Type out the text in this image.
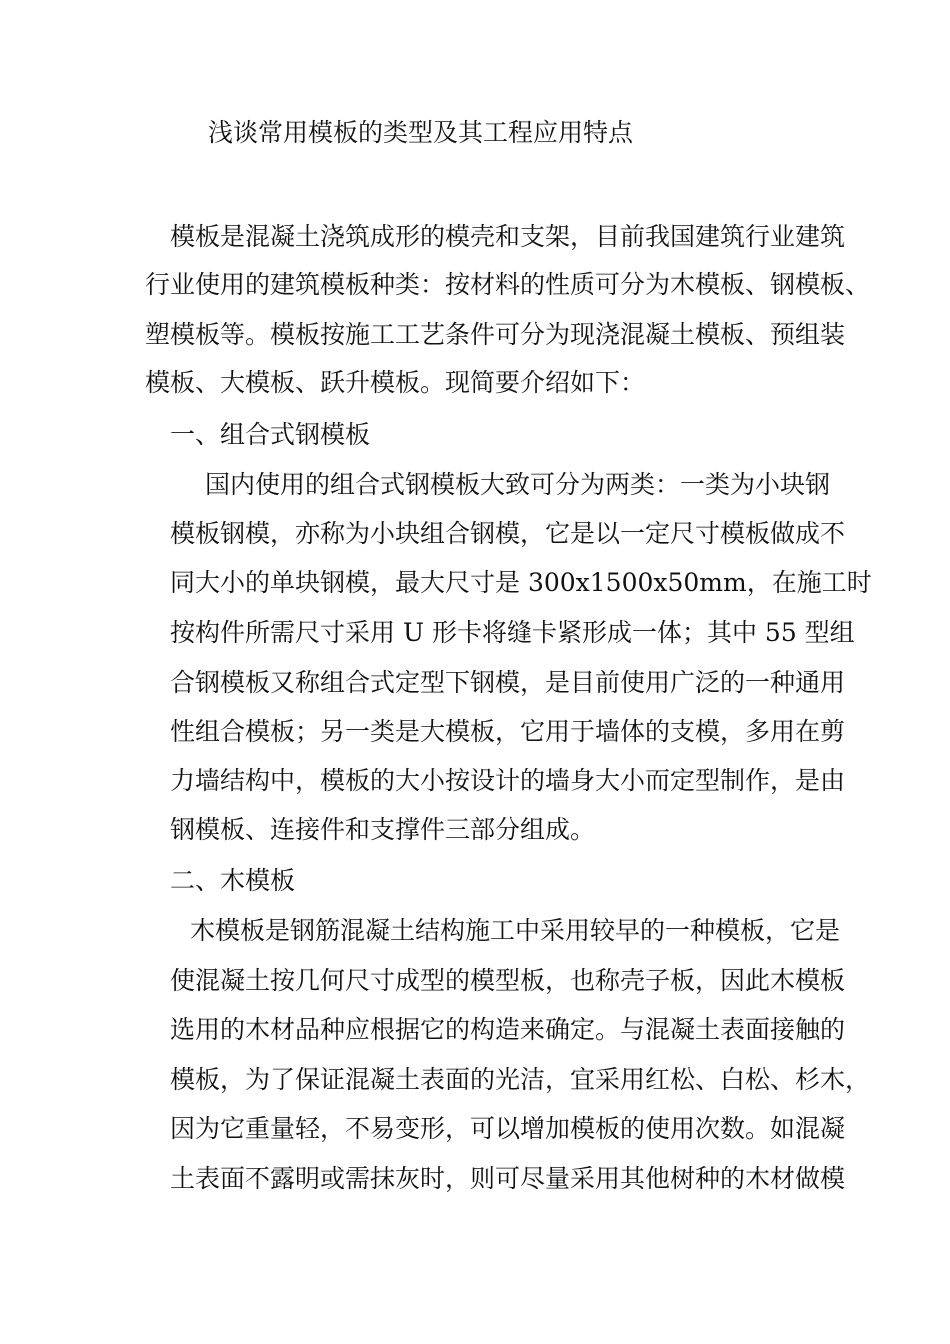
浅谈常用模板的类型及其工程应用特点
模板是混凝土浇筑成形的模壳和支架，目前我国建筑行业建筑
行业使用的建筑模板种类：按材料的性质可分为木模板、钢模板、
塑模板等。模板按施工工艺条件可分为现浇混凝土模板、预组装
模板、大模板、跃升模板。现简要介绍如下：
一、组合式钢模板
国内使用的组合式钢模板大致可分为两类：一类为小块钢
模板钢模，亦称为小块组合钢模，它是以一定尺寸模板做成不
同大小的单块钢模，最大尺寸是 300x1500x50mm，在施工时
按构件所需尺寸采用 U 形卡将缝卡紧形成一体；其中 55 型组
合钢模板又称组合式定型下钢模，是目前使用广泛的一种通用
性组合模板；另一类是大模板，它用于墙体的支模，多用在剪
力墙结构中，模板的大小按设计的墙身大小而定型制作，是由
钢模板、连接件和支撑件三部分组成。
二、木模板
木模板是钢筋混凝土结构施工中采用较早的一种模板，它是
使混凝土按几何尺寸成型的模型板，也称壳子板，因此木模板
选用的木材品种应根据它的构造来确定。与混凝土表面接触的
模板，为了保证混凝土表面的光洁，宜采用红松、白松、杉木，
因为它重量轻，不易变形，可以增加模板的使用次数。如混凝
土表面不露明或需抹灰时，则可尽量采用其他树种的木材做模
